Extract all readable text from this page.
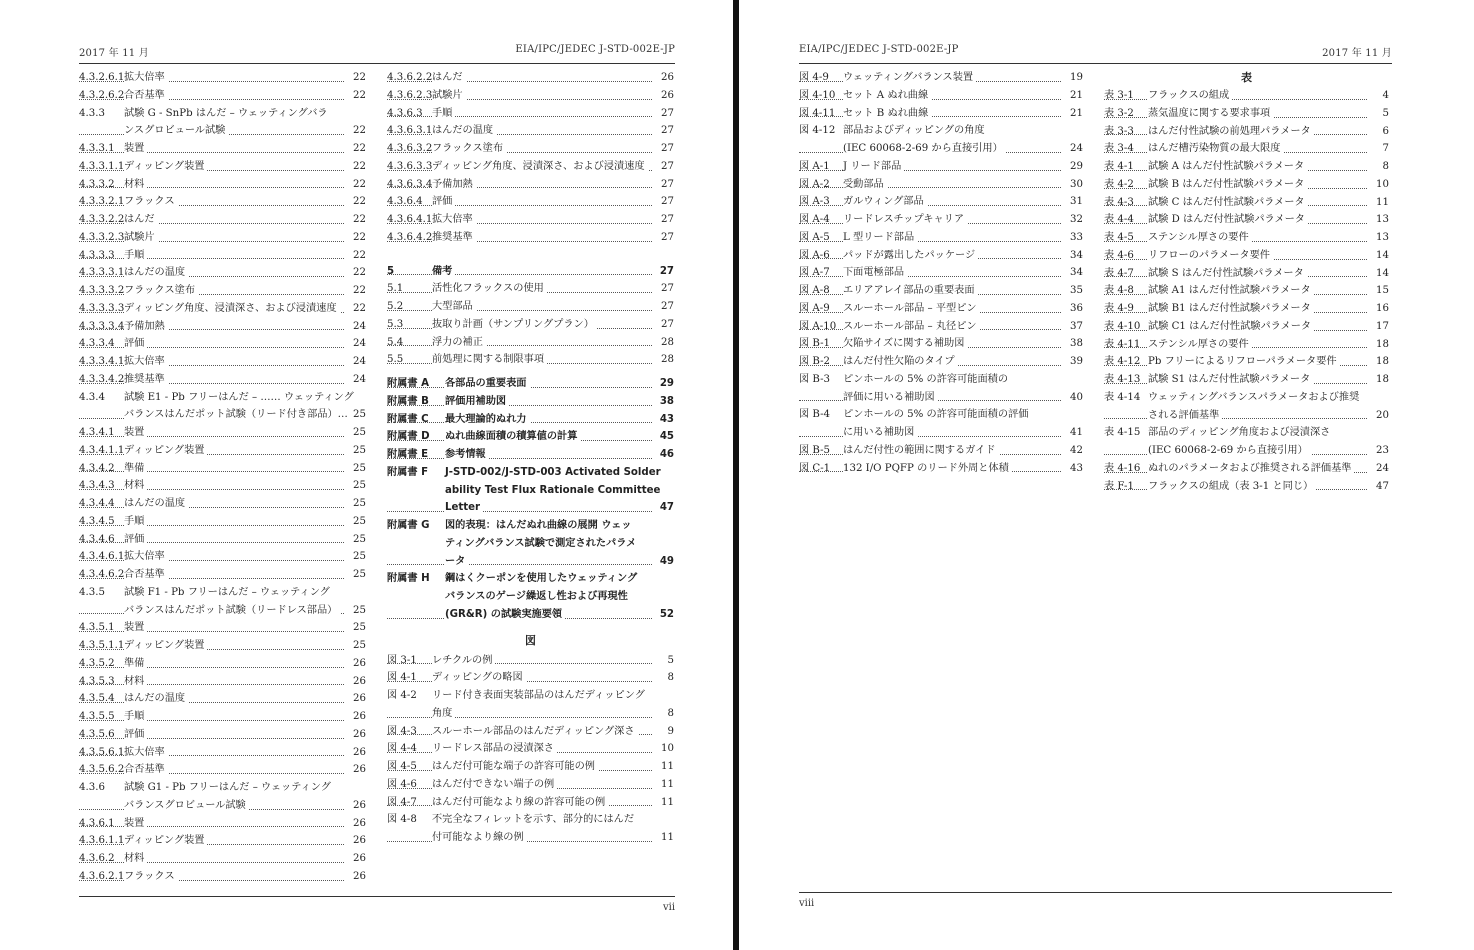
2017 年 11 月	EIA/IPC/JEDEC J-STD-002E-JP
4.3.2.6.1 拡大倍率	22
4.3.2.6.2 合否基準	22
4.3.3 試験 G - SnPb はんだ – ウェッティングバラ
ンスグロビュール試験	22
4.3.3.1 装置	22
4.3.3.1.1 ディッピング装置	22
4.3.3.2 材料	22
4.3.3.2.1 フラックス	22
4.3.3.2.2 はんだ	22
4.3.3.2.3 試験片	22
4.3.3.3 手順	22
4.3.3.3.1 はんだの温度	22
4.3.3.3.2 フラックス塗布	22
4.3.3.3.3 ディッピング角度、浸漬深さ、および浸漬速度 22
4.3.3.3.4 予備加熱	24
4.3.3.4 評価	24
4.3.3.4.1 拡大倍率	24
4.3.3.4.2 推奨基準	24
4.3.4 試験 E1 - Pb フリーはんだ – …… ウェッティング
バランスはんだポット試験（リード付き部品）… 25
4.3.4.1 装置	25
4.3.4.1.1 ディッピング装置	25
4.3.4.2 準備	25
4.3.4.3 材料	25
4.3.4.4 はんだの温度	25
4.3.4.5 手順	25
4.3.4.6 評価	25
4.3.4.6.1 拡大倍率	25
4.3.4.6.2 合否基準	25
4.3.5 試験 F1 - Pb フリーはんだ – ウェッティング
バランスはんだポット試験（リードレス部品） 25
4.3.5.1 装置	25
4.3.5.1.1 ディッピング装置	25
4.3.5.2 準備	26
4.3.5.3 材料	26
4.3.5.4 はんだの温度	26
4.3.5.5 手順	26
4.3.5.6 評価	26
4.3.5.6.1 拡大倍率	26
4.3.5.6.2 合否基準	26
4.3.6 試験 G1 - Pb フリーはんだ – ウェッティング
バランスグロビュール試験	26
4.3.6.1 装置	26
4.3.6.1.1 ディッピング装置	26
4.3.6.2 材料	26
4.3.6.2.1 フラックス	26
4.3.6.2.2 はんだ	26
4.3.6.2.3 試験片	26
4.3.6.3 手順	27
4.3.6.3.1 はんだの温度	27
4.3.6.3.2 フラックス塗布	27
4.3.6.3.3 ディッピング角度、浸漬深さ、および浸漬速度 27
4.3.6.3.4 予備加熱	27
4.3.6.4 評価	27
4.3.6.4.1 拡大倍率	27
4.3.6.4.2 推奨基準	27
5	備考	27
5.1	活性化フラックスの使用	27
5.2	大型部品	27
5.3	抜取り計画（サンプリングプラン）	27
5.4	浮力の補正	28
5.5	前処理に関する制限事項	28
附属書 A 各部品の重要表面	29
附属書 B 評価用補助図	38
附属書 C 最大理論的ぬれ力	43
附属書 D ぬれ曲線面積の積算値の計算	45
附属書 E 参考情報	46
附属書 F J-STD-002/J-STD-003 Activated Solder
ability Test Flux Rationale Committee
Letter	47
附属書 G 図的表現：はんだぬれ曲線の展開 ウェッ
ティングバランス試験で測定されたパラメ
ータ	49
附属書 H 鋼はくクーポンを使用したウェッティング
バランスのゲージ繰返し性および再現性
(GR&R) の試験実施要領	52
図
図 3-1 レチクルの例	5
図 4-1 ディッピングの略図	8
図 4-2 リード付き表面実装部品のはんだディッピング
角度	8
図 4-3 スルーホール部品のはんだディッピング深さ	9
図 4-4 リードレス部品の浸漬深さ	10
図 4-5 はんだ付可能な端子の許容可能の例	11
図 4-6 はんだ付できない端子の例	11
図 4-7 はんだ付可能なより線の許容可能の例	11
図 4-8 不完全なフィレットを示す、部分的にはんだ
付可能なより線の例	11
vii
EIA/IPC/JEDEC J-STD-002E-JP	2017 年 11 月
図 4-9 ウェッティングバランス装置	19
図 4-10 セット A ぬれ曲線	21
図 4-11 セット B ぬれ曲線	21
図 4-12 部品およびディッピングの角度
(IEC 60068-2-69 から直接引用）	24
図 A-1 J リード部品	29
図 A-2 受動部品	30
図 A-3 ガルウィング部品	31
図 A-4 リードレスチップキャリア	32
図 A-5 L 型リード部品	33
図 A-6 パッドが露出したパッケージ	34
図 A-7 下面電極部品	34
図 A-8 エリアアレイ部品の重要表面	35
図 A-9 スルーホール部品 – 平型ピン	36
図 A-10 スルーホール部品 – 丸径ピン	37
図 B-1 欠陥サイズに関する補助図	38
図 B-2 はんだ付性欠陥のタイプ	39
図 B-3 ピンホールの 5% の許容可能面積の
評価に用いる補助図	40
図 B-4 ピンホールの 5% の許容可能面積の評価
に用いる補助図	41
図 B-5 はんだ付性の範囲に関するガイド	42
図 C-1 132 I/O PQFP のリード外周と体積	43
表
表 3-1 フラックスの組成	4
表 3-2 蒸気温度に関する要求事項	5
表 3-3 はんだ付性試験の前処理パラメータ	6
表 3-4 はんだ槽汚染物質の最大限度	7
表 4-1 試験 A はんだ付性試験パラメータ	8
表 4-2 試験 B はんだ付性試験パラメータ	10
表 4-3 試験 C はんだ付性試験パラメータ	11
表 4-4 試験 D はんだ付性試験パラメータ	13
表 4-5 ステンシル厚さの要件	13
表 4-6 リフローのパラメータ要件	14
表 4-7 試験 S はんだ付性試験パラメータ	14
表 4-8 試験 A1 はんだ付性試験パラメータ	15
表 4-9 試験 B1 はんだ付性試験パラメータ	16
表 4-10 試験 C1 はんだ付性試験パラメータ	17
表 4-11 ステンシル厚さの要件	18
表 4-12 Pb フリーによるリフローパラメータ要件	18
表 4-13 試験 S1 はんだ付性試験パラメータ	18
表 4-14 ウェッティングバランスパラメータおよび推奨
される評価基準	20
表 4-15 部品のディッピング角度および浸漬深さ
(IEC 60068-2-69 から直接引用）	23
表 4-16 ぬれのパラメータおよび推奨される評価基準 24
表 F-1 フラックスの組成（表 3-1 と同じ）	47
viii
